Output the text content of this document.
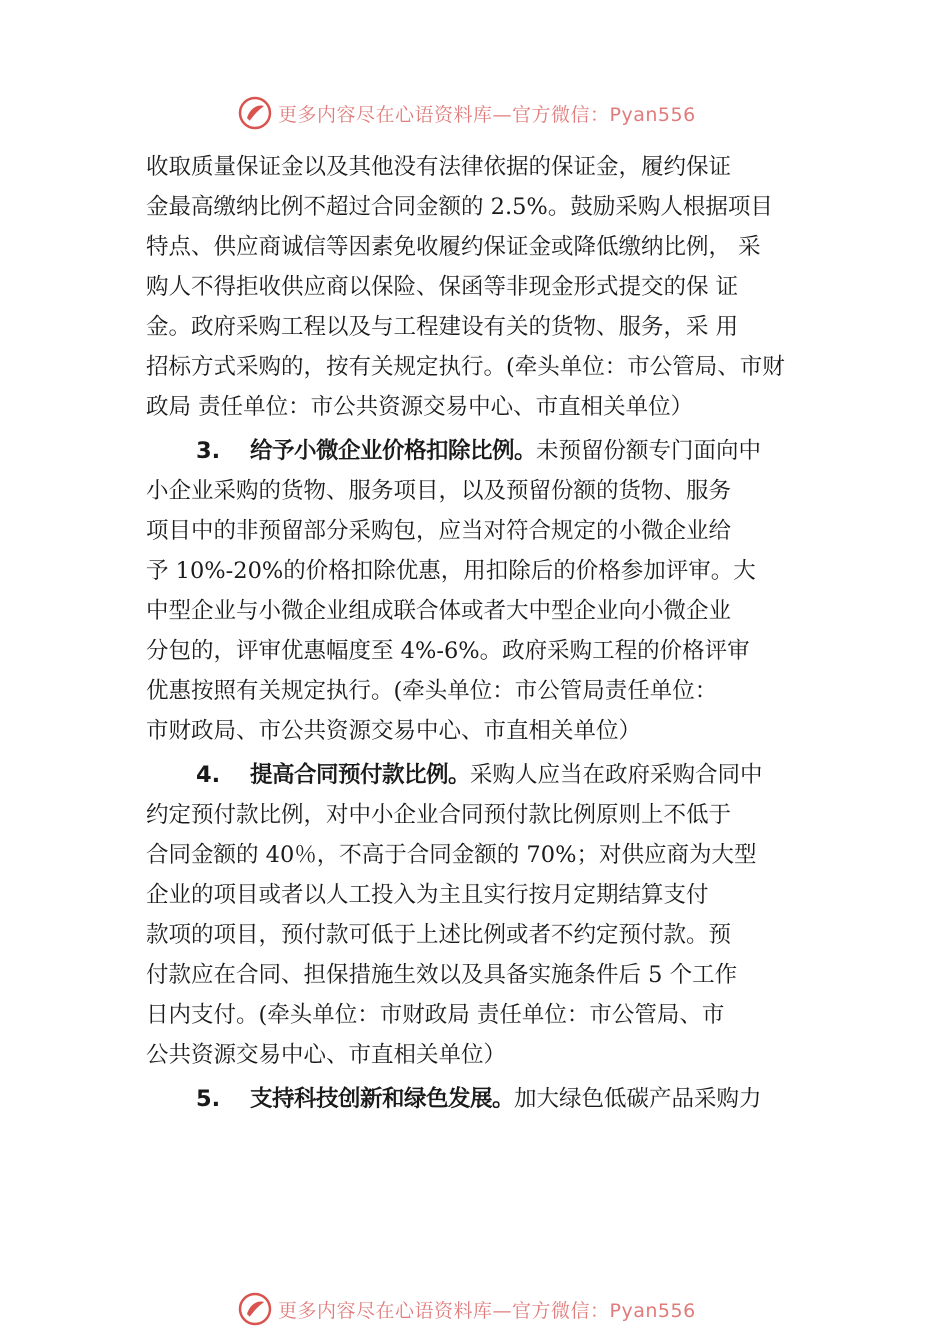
更多内容尽在心语资料库—官方微信：Pyan556

收取质量保证金以及其他没有法律依据的保证金，履约保证
金最高缴纳比例不超过合同金额的 2.5%。鼓励采购人根据项目
特点、供应商诚信等因素免收履约保证金或降低缴纳比例， 采
购人不得拒收供应商以保险、保函等非现金形式提交的保 证
金。政府采购工程以及与工程建设有关的货物、服务，采 用
招标方式采购的，按有关规定执行。(牵头单位：市公管局、市财
政局 责任单位：市公共资源交易中心、市直相关单位）

3. 给予小微企业价格扣除比例。未预留份额专门面向中
小企业采购的货物、服务项目，以及预留份额的货物、服务
项目中的非预留部分采购包，应当对符合规定的小微企业给
予 10%-20%的价格扣除优惠，用扣除后的价格参加评审。大
中型企业与小微企业组成联合体或者大中型企业向小微企业
分包的，评审优惠幅度至 4%-6%。政府采购工程的价格评审
优惠按照有关规定执行。(牵头单位：市公管局责任单位：
市财政局、市公共资源交易中心、市直相关单位）

4. 提高合同预付款比例。采购人应当在政府采购合同中
约定预付款比例，对中小企业合同预付款比例原则上不低于
合同金额的 40％，不高于合同金额的 70%；对供应商为大型
企业的项目或者以人工投入为主且实行按月定期结算支付
款项的项目，预付款可低于上述比例或者不约定预付款。预
付款应在合同、担保措施生效以及具备实施条件后 5 个工作
日内支付。(牵头单位：市财政局 责任单位：市公管局、市
公共资源交易中心、市直相关单位）

5. 支持科技创新和绿色发展。加大绿色低碳产品采购力

更多内容尽在心语资料库—官方微信：Pyan556
